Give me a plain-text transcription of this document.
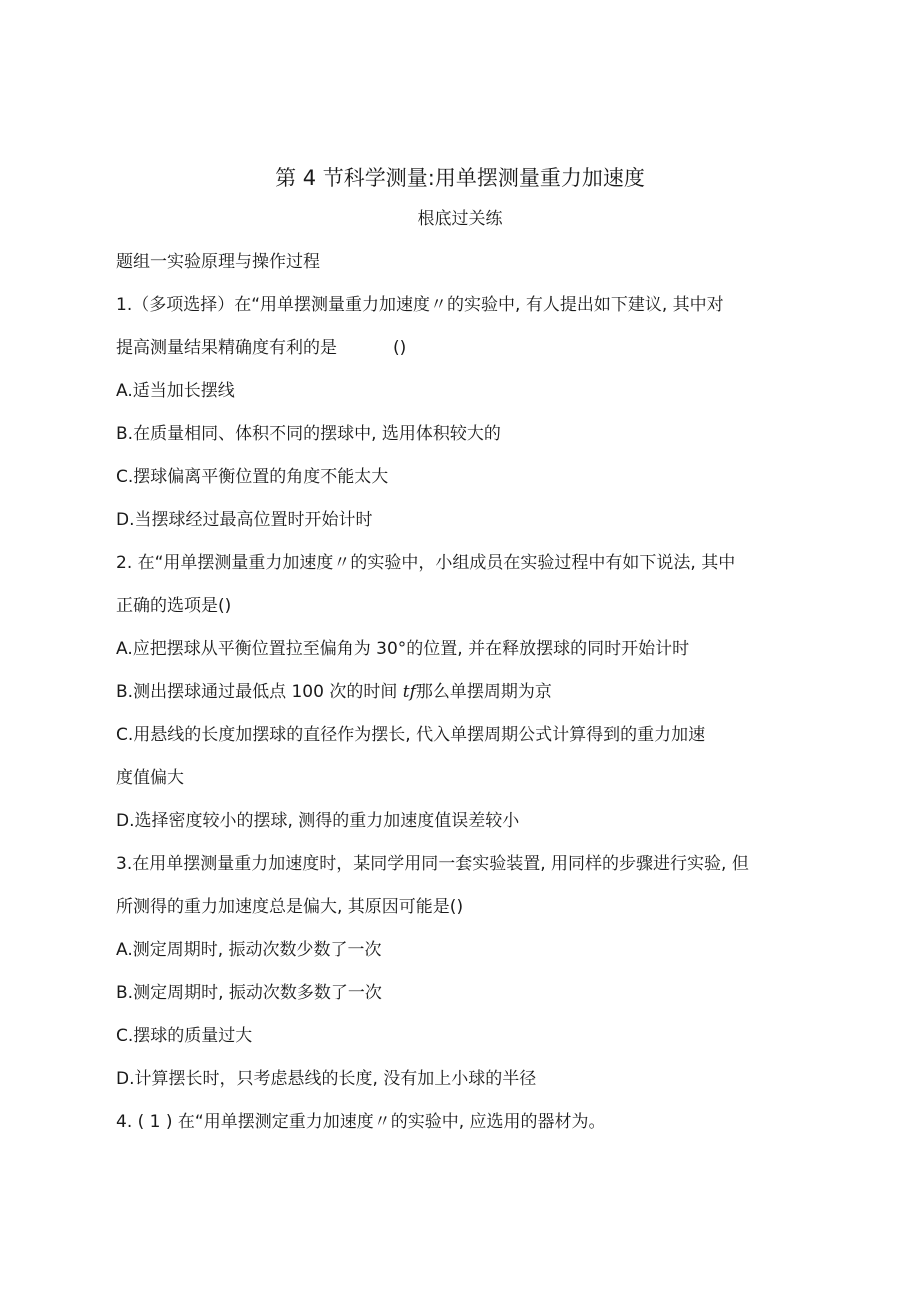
第 4 节科学测量:用单摆测量重力加速度
根底过关练
题组一实验原理与操作过程
1.（多项选择）在“用单摆测量重力加速度〃的实验中, 有人提出如下建议, 其中对
提高测量结果精确度有利的是	()
A.适当加长摆线
B.在质量相同、体积不同的摆球中, 选用体积较大的
C.摆球偏离平衡位置的角度不能太大
D.当摆球经过最高位置时开始计时
2. 在“用单摆测量重力加速度〃的实验中，小组成员在实验过程中有如下说法, 其中
正确的选项是()
A.应把摆球从平衡位置拉至偏角为 30°的位置, 并在释放摆球的同时开始计时
B.测出摆球通过最低点 100 次的时间 tf那么单摆周期为京
C.用悬线的长度加摆球的直径作为摆长, 代入单摆周期公式计算得到的重力加速
度值偏大
D.选择密度较小的摆球, 测得的重力加速度值误差较小
3.在用单摆测量重力加速度时，某同学用同一套实验装置, 用同样的步骤进行实验, 但
所测得的重力加速度总是偏大, 其原因可能是()
A.测定周期时, 振动次数少数了一次
B.测定周期时, 振动次数多数了一次
C.摆球的质量过大
D.计算摆长时，只考虑悬线的长度, 没有加上小球的半径
4. ( 1 ) 在“用单摆测定重力加速度〃的实验中, 应选用的器材为。
